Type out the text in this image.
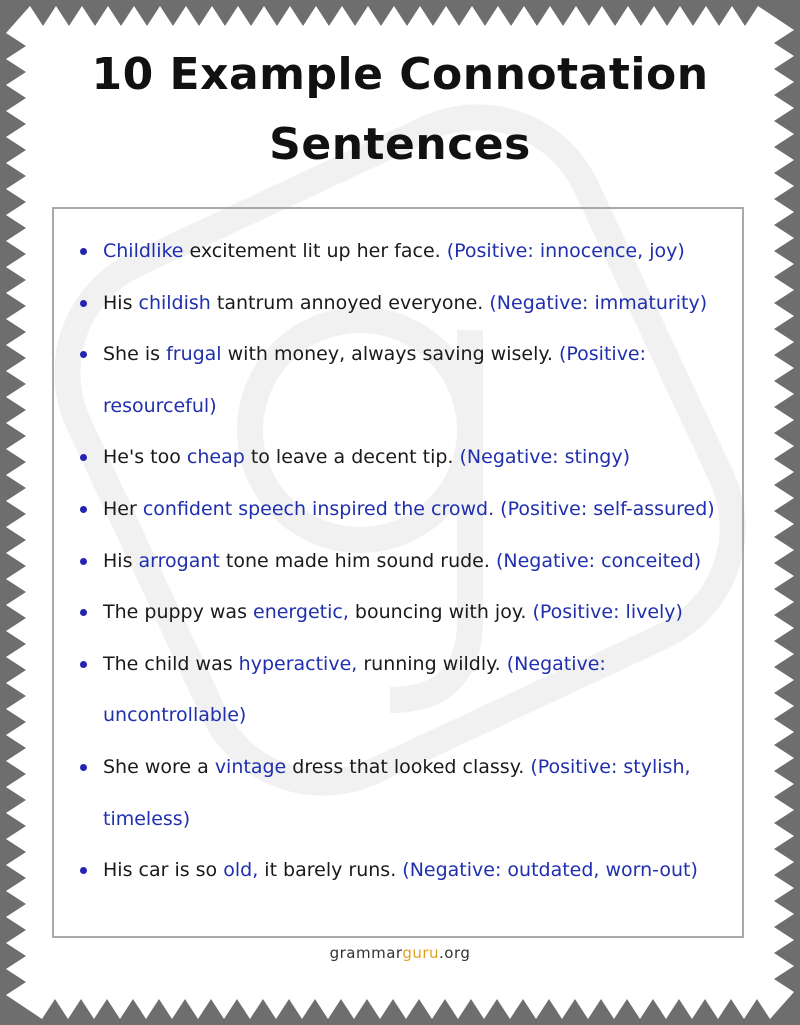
10 Example Connotation
Sentences
Childlike excitement lit up her face. (Positive: innocence, joy)
His childish tantrum annoyed everyone. (Negative: immaturity)
She is frugal with money, always saving wisely. (Positive: resourceful)
He's too cheap to leave a decent tip. (Negative: stingy)
Her confident speech inspired the crowd. (Positive: self-assured)
His arrogant tone made him sound rude. (Negative: conceited)
The puppy was energetic, bouncing with joy. (Positive: lively)
The child was hyperactive, running wildly. (Negative: uncontrollable)
She wore a vintage dress that looked classy. (Positive: stylish, timeless)
His car is so old, it barely runs. (Negative: outdated, worn-out)
grammarguru.org
